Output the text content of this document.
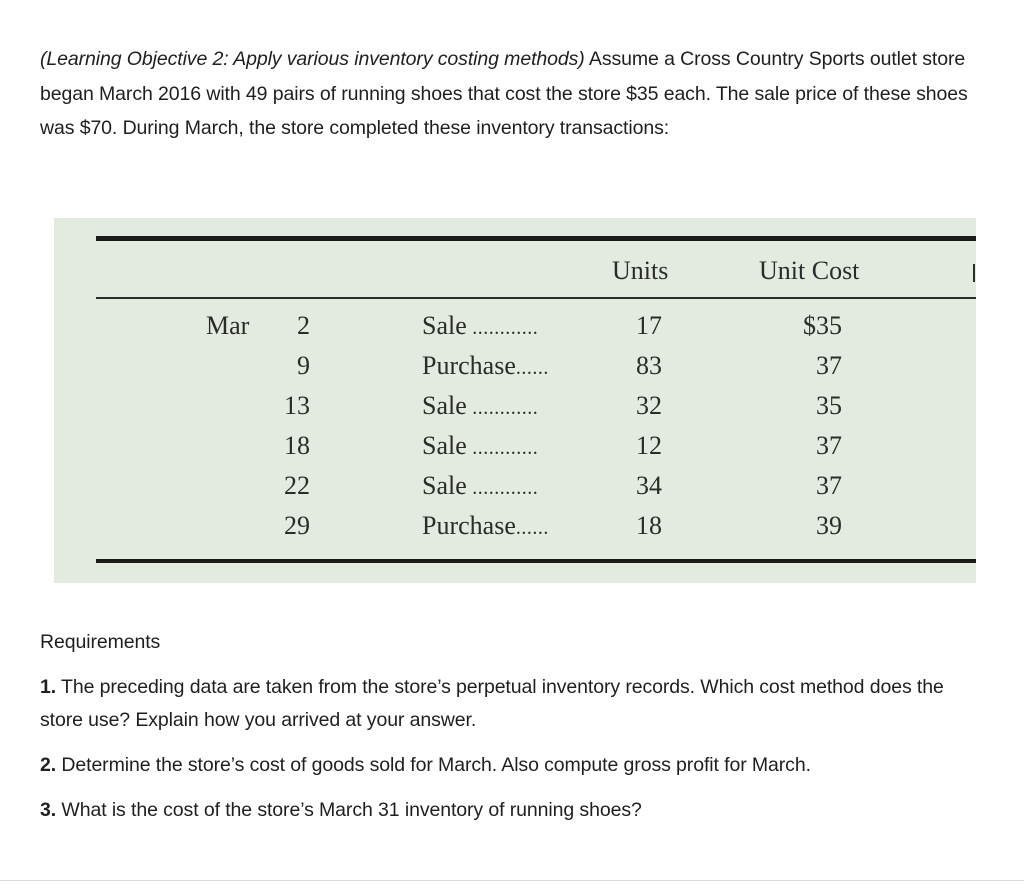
(Learning Objective 2: Apply various inventory costing methods) Assume a Cross Country Sports outlet store began March 2016 with 49 pairs of running shoes that cost the store $35 each. The sale price of these shoes was $70. During March, the store completed these inventory transactions:
Units	Unit Cost
Mar 2	Sale ............	17	$35
9	Purchase......	83	37
13	Sale ............	32	35
18	Sale ............	12	37
22	Sale ............	34	37
29	Purchase......	18	39
Requirements
1. The preceding data are taken from the store’s perpetual inventory records. Which cost method does the store use? Explain how you arrived at your answer.
2. Determine the store’s cost of goods sold for March. Also compute gross profit for March.
3. What is the cost of the store’s March 31 inventory of running shoes?
